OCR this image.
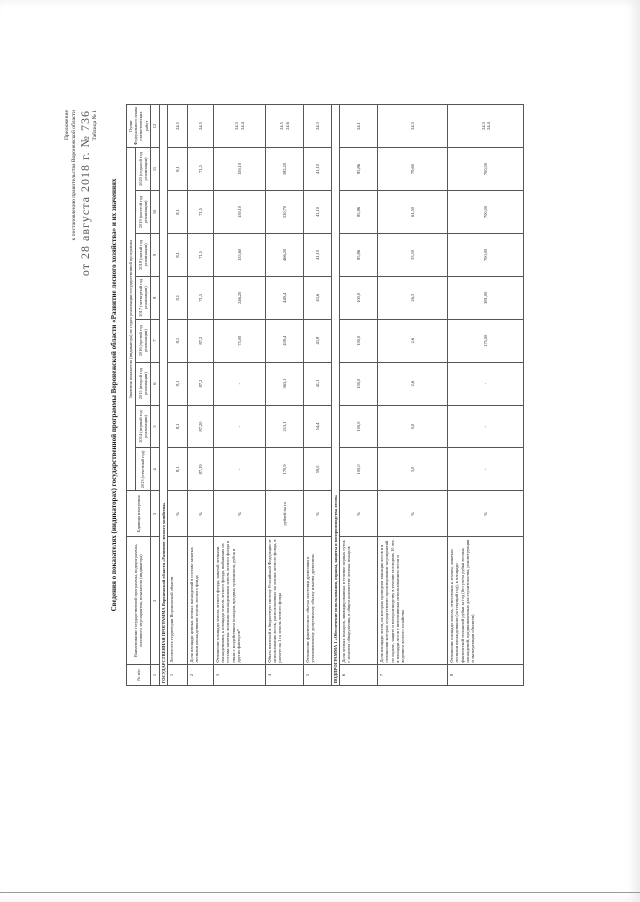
Приложение к постановлению правительства Воронежской области от 28 августа 2018 г. № 736 Таблица № 1
Сведения о показателях (индикаторах) государственной программы Воронежской области «Развитие лесного хозяйства» и их значениях
№ п/п	Наименование государственной программы, подпрограммы, основного мероприятия, показателя (индикатора)	Единица измерения	Значения показателя (индикатора) по годам реализации государственной программы								Пункт Федерального плана статистических работ
			2013 (отчетный год)	2014 (первый год реализации)	2015 (второй год реализации)	2016 (третий год реализации)	2017 (четвертый год реализации)	2018 (пятый год реализации)	2019 (шестой год реализации)	2020 (седьмой год реализации)	
1	2	3	4	5	6	7	8	9	10	11	12
ГОСУДАРСТВЕННАЯ ПРОГРАММА Воронежской области «Развитие лесного хозяйства»											
1	Лесистость территории Воронежской области	%	8,1	8,1	8,1	8,1	8,1	8,1	8,1	8,1	24.5
2	Доля площади ценных лесных насаждений в составе занятых лесными насаждениями земель лесного фонда	%	87,19	87,20	87,2	87,2	71,5	71,5	71,5	71,5	24.5
3	Отношение площади земель лесного фонда, занятой лесными насаждениями, к площади земель лесного фонда, выбывших из состава занятых лесными насаждениями земель лесного фонда в связи с воздействием пожаров, вредных организмов, рубок и других факторов*	%	-	-	-	75,00	246,20	155,60	159,10	159,10	24.3
24.4
4	Объем платежей в бюджетную систему Российской Федерации от использования лесов, расположенных на землях лесного фонда, в расчете на 1 га земель лесного фонда	рублей на га	170,9	213,1	363,1	439,4	449,4	466,20	520,70	582,20	24.5
24.6
5	Отношение фактического объема заготовки древесины к установленному допустимому объему изъятия древесины	%	59,0	54,4	41,1	43,8	43,6	41,10	41,10	41,10	24.3
ПОДПРОГРАММА 1 «Обеспечение использования, охраны, защиты и воспроизводства лесов»											
6	Доля лесных пожаров, ликвидированных в течение первых суток с момента обнаружения, в общем количестве лесных пожаров	%	100,0	100,0	100,0	100,0	100,0	85,86	85,86	85,86	24.1
7	Доля площади лесов, на которых проведена таксация лесов и в отношении которых осуществлено проектирование мероприятий по охране, защите и воспроизводству в течение последних 10 лет, в площади лесов с интенсивным использованием лесов и ведением лесного хозяйства	%	3,0	0,0	2,6	2,6	26,3	33,50	61,50	79,60	24.3
8	Отношение площади земель, отнесенных к землям, занятым лесными насаждениями (за текущий год), к площади фактической сплошной рубки за год (без учета рубки лесных насаждений, предназначенных для строительства, реконструкции и эксплуатации объектов)	%	-	-	-	175,00	381,00	700,00	700,00	700,00	24.3
24.4
